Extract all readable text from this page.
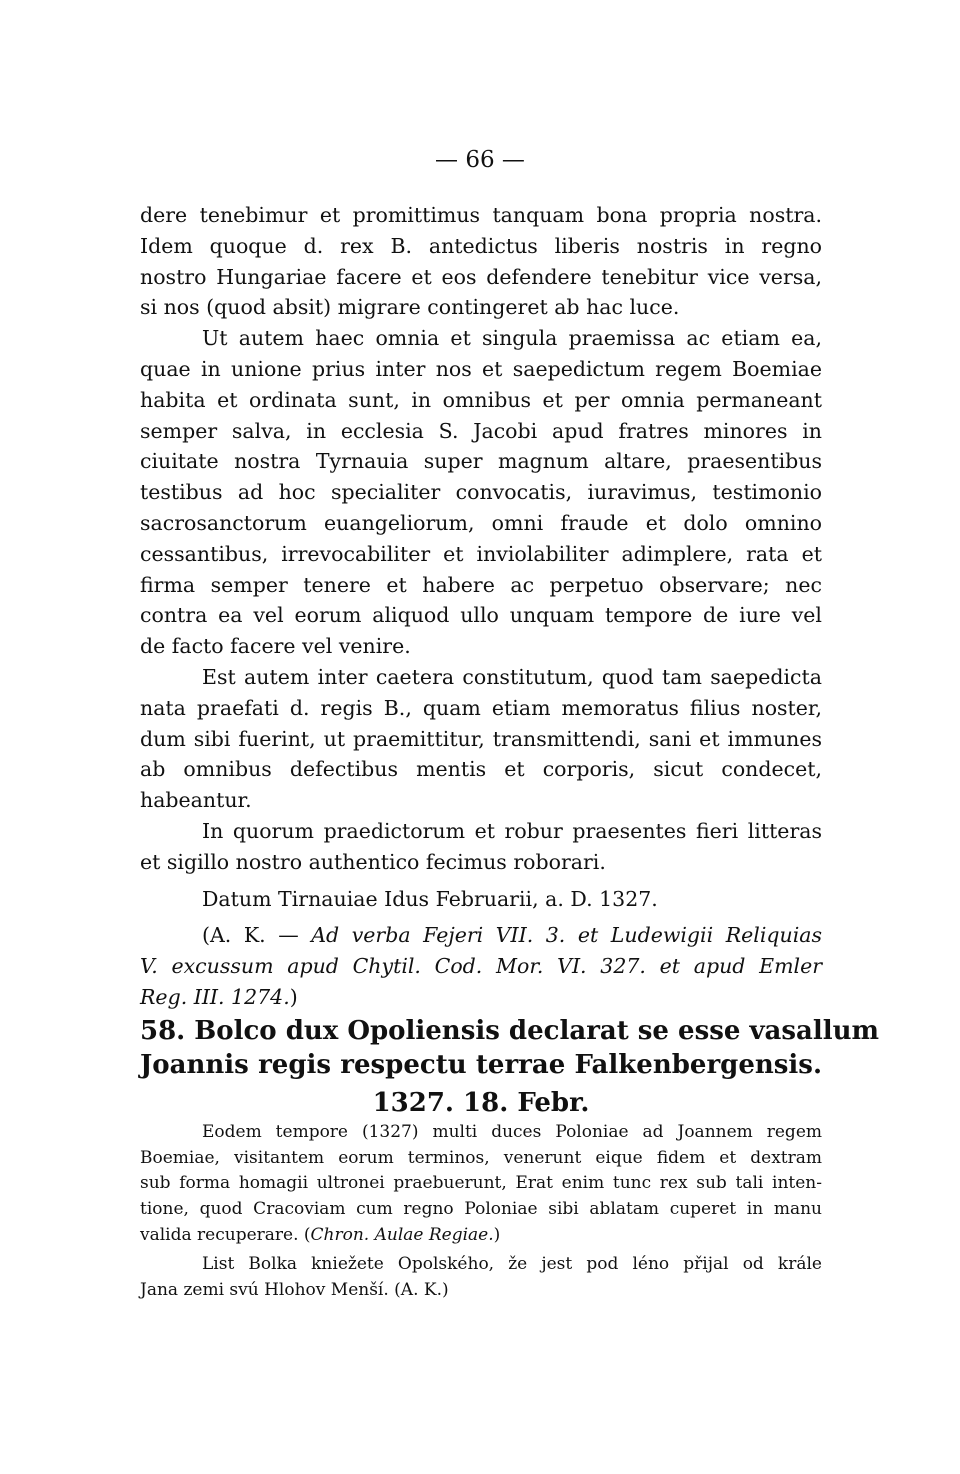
— 66 —
dere tenebimur et promittimus tanquam bona propria nostra.
Idem quoque d. rex B. antedictus liberis nostris in regno
nostro Hungariae facere et eos defendere tenebitur vice versa,
si nos (quod absit) migrare contingeret ab hac luce.
Ut autem haec omnia et singula praemissa ac etiam ea,
quae in unione prius inter nos et saepedictum regem Boemiae
habita et ordinata sunt, in omnibus et per omnia permaneant
semper salva, in ecclesia S. Jacobi apud fratres minores in
ciuitate nostra Tyrnauia super magnum altare, praesentibus
testibus ad hoc specialiter convocatis, iuravimus, testimonio
sacrosanctorum euangeliorum, omni fraude et dolo omnino
cessantibus, irrevocabiliter et inviolabiliter adimplere, rata et
firma semper tenere et habere ac perpetuo observare; nec
contra ea vel eorum aliquod ullo unquam tempore de iure vel
de facto facere vel venire.
Est autem inter caetera constitutum, quod tam saepedicta
nata praefati d. regis B., quam etiam memoratus filius noster,
dum sibi fuerint, ut praemittitur, transmittendi, sani et immunes
ab omnibus defectibus mentis et corporis, sicut condecet,
habeantur.
In quorum praedictorum et robur praesentes fieri litteras
et sigillo nostro authentico fecimus roborari.
Datum Tirnauiae Idus Februarii, a. D. 1327.
(A. K. — Ad verba Fejeri VII. 3. et Ludewigii Reliquias
V. excussum apud Chytil. Cod. Mor. VI. 327. et apud Emler
Reg. III. 1274.)
58. Bolco dux Opoliensis declarat se esse vasallum
Joannis regis respectu terrae Falkenbergensis.
1327. 18. Febr.
Eodem tempore (1327) multi duces Poloniae ad Joannem regem
Boemiae, visitantem eorum terminos, venerunt eique fidem et dextram
sub forma homagii ultronei praebuerunt, Erat enim tunc rex sub tali inten-
tione, quod Cracoviam cum regno Poloniae sibi ablatam cuperet in manu
valida recuperare. (Chron. Aulae Regiae.)
List Bolka kniežete Opolského, že jest pod léno přijal od krále
Jana zemi svú Hlohov Menší. (A. K.)
